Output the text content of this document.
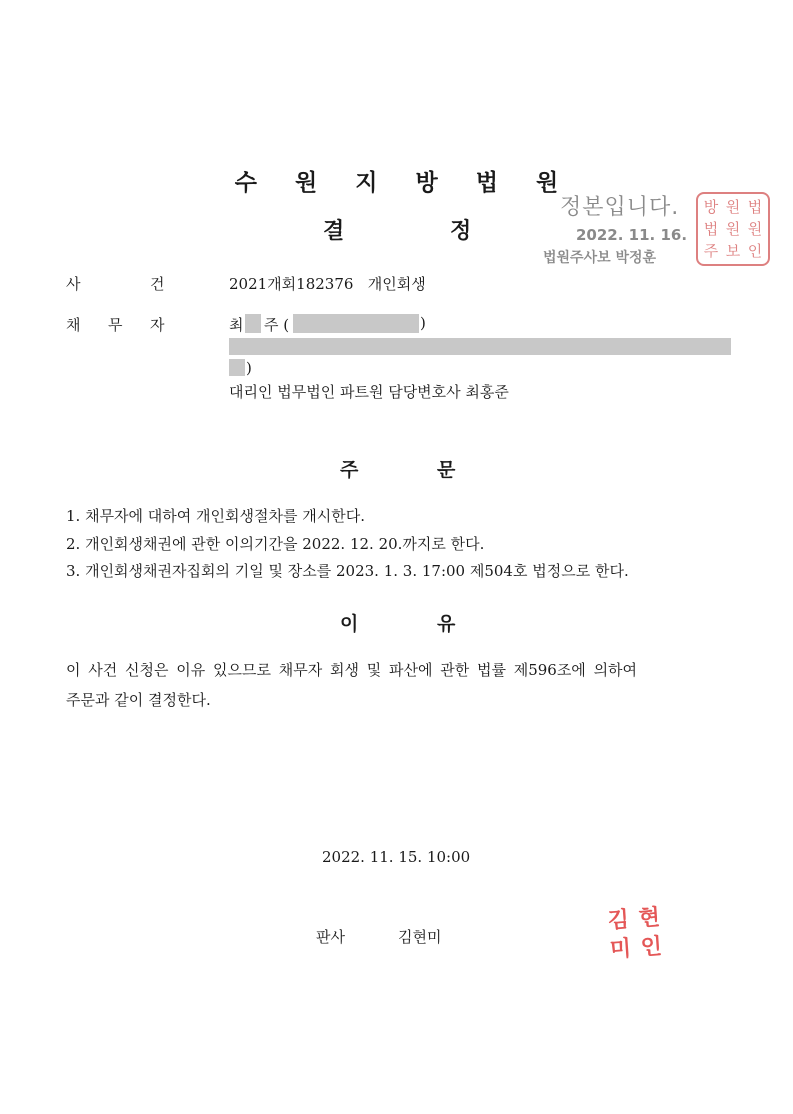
수 원 지 방 법 원
결	정
정본입니다.
2022. 11. 16.
법원주사보 박정훈
방 원 법
법 원 원
주 보 인
사	건	2021개회182376   개인회생
채 무 자	최 주 (	)
)
대리인 법무법인 파트원 담당변호사 최홍준
주	문
1. 채무자에 대하여 개인회생절차를 개시한다.
2. 개인회생채권에 관한 이의기간을 2022. 12. 20.까지로 한다.
3. 개인회생채권자집회의 기일 및 장소를 2023. 1. 3. 17:00 제504호 법정으로 한다.
이	유
이 사건 신청은 이유 있으므로 채무자 회생 및 파산에 관한 법률 제596조에 의하여
주문과 같이 결정한다.
2022. 11. 15. 10:00
판사	김현미
김 현
미 인
